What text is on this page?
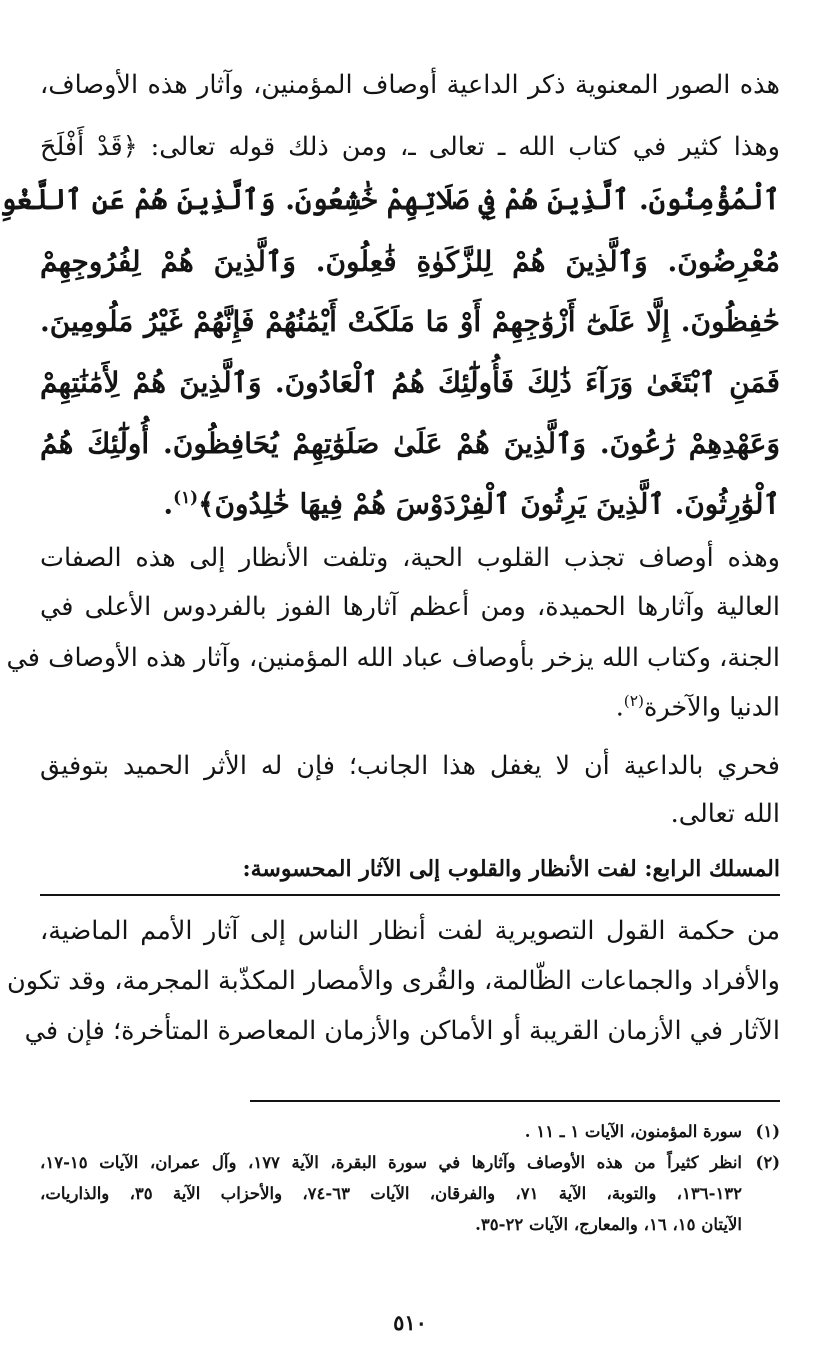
هذه الصور المعنوية ذكر الداعية أوصاف المؤمنين، وآثار هذه الأوصاف،
وهذا كثير في كتاب الله ـ تعالى ـ، ومن ذلك قوله تعالى: ﴿قَدْ أَفْلَحَ
ٱلْمُؤْمِنُونَ. ٱلَّذِينَ هُمْ فِي صَلَاتِهِمْ خَٰشِعُونَ. وَٱلَّذِينَ هُمْ عَنِ ٱللَّغْوِ
مُعْرِضُونَ. وَٱلَّذِينَ هُمْ لِلزَّكَوٰةِ فَٰعِلُونَ. وَٱلَّذِينَ هُمْ لِفُرُوجِهِمْ
حَٰفِظُونَ. إِلَّا عَلَىٰٓ أَزْوَٰجِهِمْ أَوْ مَا مَلَكَتْ أَيْمَٰنُهُمْ فَإِنَّهُمْ غَيْرُ مَلُومِينَ.
فَمَنِ ٱبْتَغَىٰ وَرَآءَ ذَٰلِكَ فَأُولَٰٓئِكَ هُمُ ٱلْعَادُونَ. وَٱلَّذِينَ هُمْ لِأَمَٰنَٰتِهِمْ
وَعَهْدِهِمْ رَٰعُونَ. وَٱلَّذِينَ هُمْ عَلَىٰ صَلَوَٰتِهِمْ يُحَافِظُونَ. أُولَٰٓئِكَ هُمُ
ٱلْوَٰرِثُونَ. ٱلَّذِينَ يَرِثُونَ ٱلْفِرْدَوْسَ هُمْ فِيهَا خَٰلِدُونَ﴾$^{(١)}$.
وهذه أوصاف تجذب القلوب الحية، وتلفت الأنظار إلى هذه الصفات
العالية وآثارها الحميدة، ومن أعظم آثارها الفوز بالفردوس الأعلى في
الجنة، وكتاب الله يزخر بأوصاف عباد الله المؤمنين، وآثار هذه الأوصاف في
الدنيا والآخرة$^{(٢)}$.
فحري بالداعية أن لا يغفل هذا الجانب؛ فإن له الأثر الحميد بتوفيق
الله تعالى.
المسلك الرابع: لفت الأنظار والقلوب إلى الآثار المحسوسة:
من حكمة القول التصويرية لفت أنظار الناس إلى آثار الأمم الماضية،
والأفراد والجماعات الظّالمة، والقُرى والأمصار المكذّبة المجرمة، وقد تكون
الآثار في الأزمان القريبة أو الأماكن والأزمان المعاصرة المتأخرة؛ فإن في
(١)سورة المؤمنون، الآيات ١ ـ ١١ .
(٢)انظر كثيراً من هذه الأوصاف وآثارها في سورة البقرة، الآية ١٧٧، وآل عمران، الآيات ١٥-١٧،
١٣٢-١٣٦، والتوبة، الآية ٧١، والفرقان، الآيات ٦٣-٧٤، والأحزاب الآية ٣٥، والذاريات،
الآيتان ١٥، ١٦، والمعارج، الآيات ٢٢-٣٥.
٥١٠
